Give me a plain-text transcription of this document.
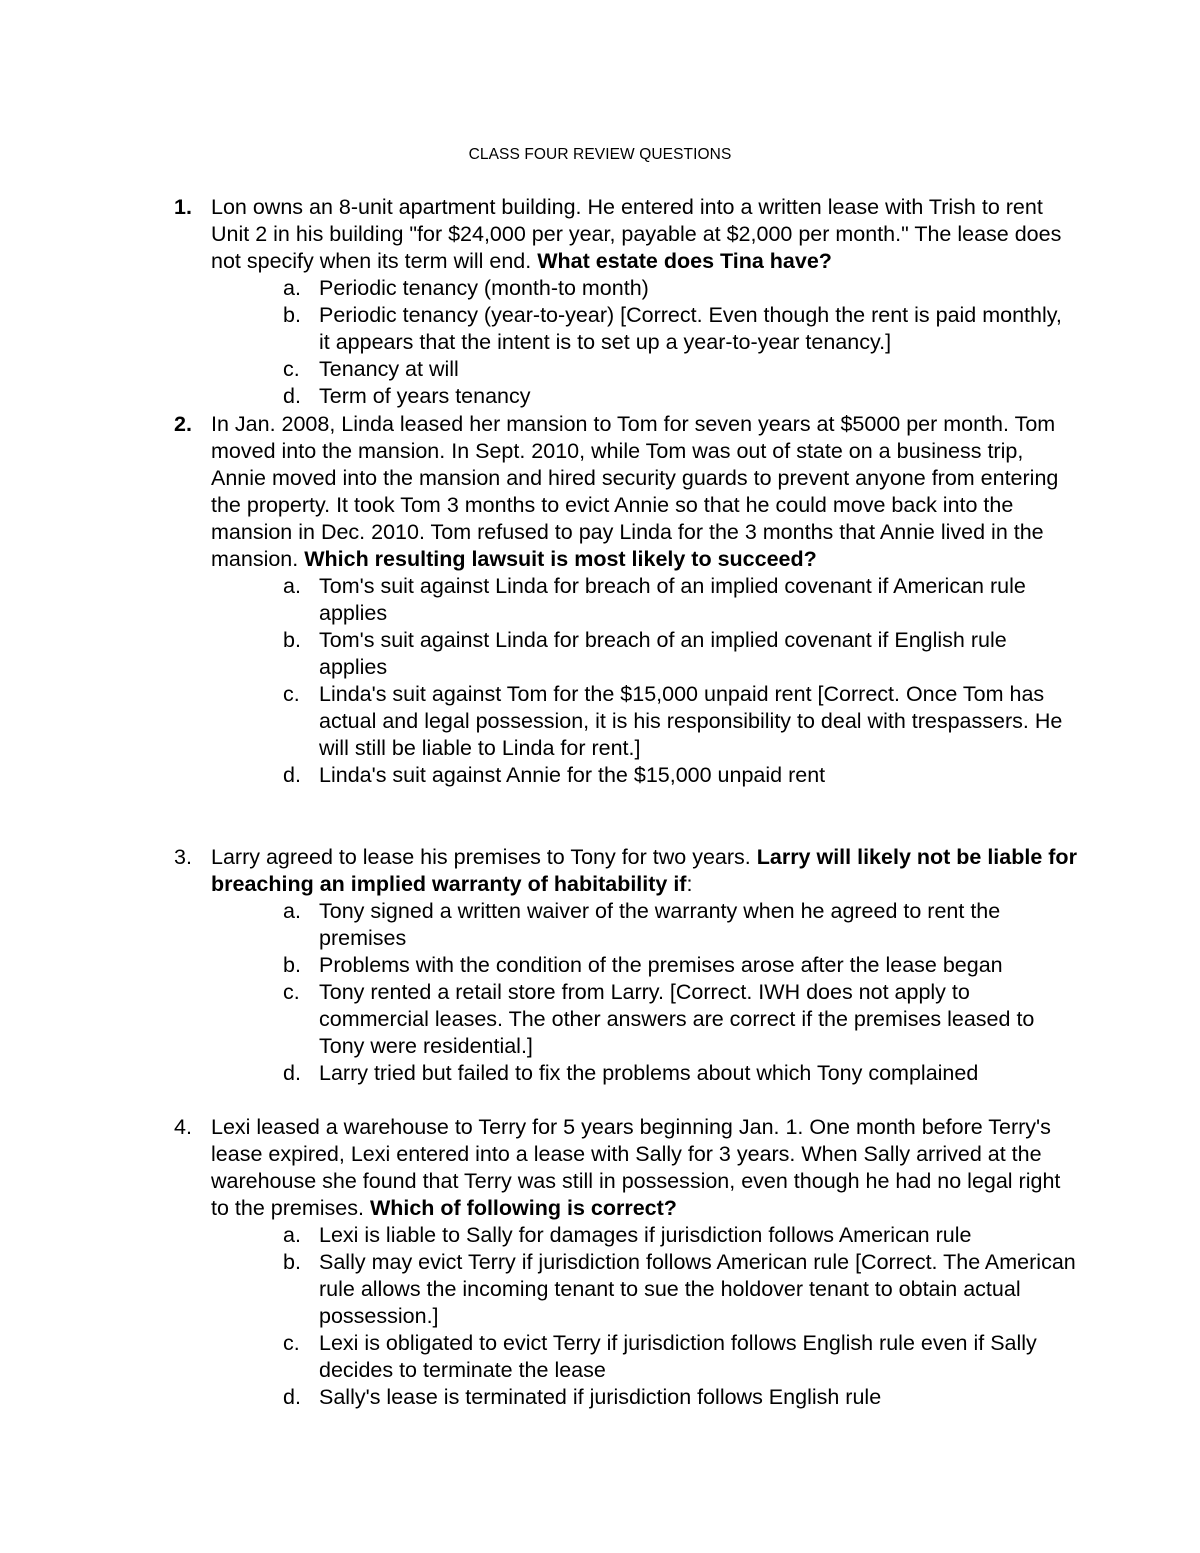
CLASS FOUR REVIEW QUESTIONS
1. Lon owns an 8-unit apartment building. He entered into a written lease with Trish to rent Unit 2 in his building "for $24,000 per year, payable at $2,000 per month." The lease does not specify when its term will end. What estate does Tina have?
a. Periodic tenancy (month-to month)
b. Periodic tenancy (year-to-year) [Correct. Even though the rent is paid monthly, it appears that the intent is to set up a year-to-year tenancy.]
c. Tenancy at will
d. Term of years tenancy
2. In Jan. 2008, Linda leased her mansion to Tom for seven years at $5000 per month. Tom moved into the mansion. In Sept. 2010, while Tom was out of state on a business trip, Annie moved into the mansion and hired security guards to prevent anyone from entering the property. It took Tom 3 months to evict Annie so that he could move back into the mansion in Dec. 2010. Tom refused to pay Linda for the 3 months that Annie lived in the mansion. Which resulting lawsuit is most likely to succeed?
a. Tom's suit against Linda for breach of an implied covenant if American rule applies
b. Tom's suit against Linda for breach of an implied covenant if English rule applies
c. Linda's suit against Tom for the $15,000 unpaid rent [Correct. Once Tom has actual and legal possession, it is his responsibility to deal with trespassers. He will still be liable to Linda for rent.]
d. Linda's suit against Annie for the $15,000 unpaid rent
3. Larry agreed to lease his premises to Tony for two years. Larry will likely not be liable for breaching an implied warranty of habitability if:
a. Tony signed a written waiver of the warranty when he agreed to rent the premises
b. Problems with the condition of the premises arose after the lease began
c. Tony rented a retail store from Larry. [Correct. IWH does not apply to commercial leases. The other answers are correct if the premises leased to Tony were residential.]
d. Larry tried but failed to fix the problems about which Tony complained
4. Lexi leased a warehouse to Terry for 5 years beginning Jan. 1. One month before Terry's lease expired, Lexi entered into a lease with Sally for 3 years. When Sally arrived at the warehouse she found that Terry was still in possession, even though he had no legal right to the premises. Which of following is correct?
a. Lexi is liable to Sally for damages if jurisdiction follows American rule
b. Sally may evict Terry if jurisdiction follows American rule [Correct. The American rule allows the incoming tenant to sue the holdover tenant to obtain actual possession.]
c. Lexi is obligated to evict Terry if jurisdiction follows English rule even if Sally decides to terminate the lease
d. Sally's lease is terminated if jurisdiction follows English rule
